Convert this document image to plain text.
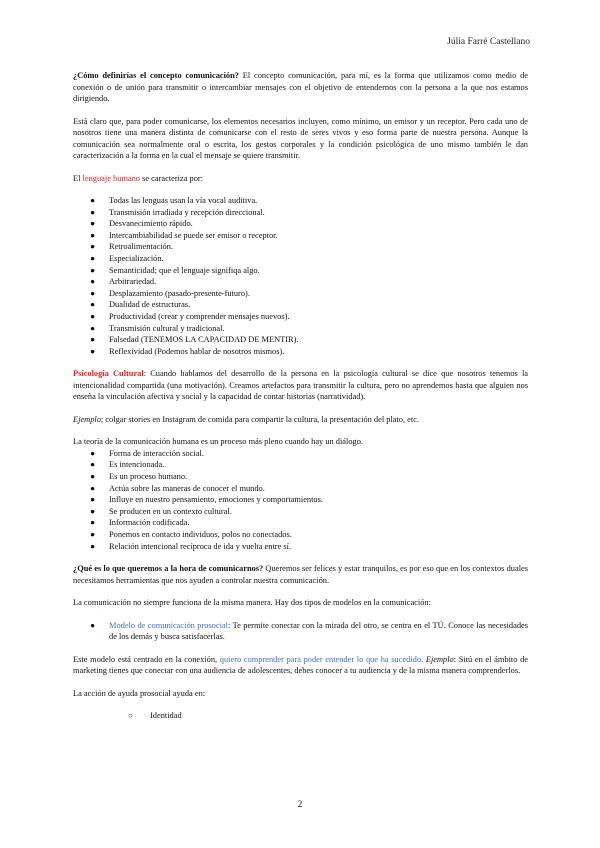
Júlia Farré Castellano

¿Cómo definirías el concepto comunicación? El concepto comunicación, para mí, es la forma que utilizamos como medio de conexión o de unión para transmitir o intercambiar mensajes con el objetivo de entendernos con la persona a la que nos estamos dirigiendo.

Está claro que, para poder comunicarse, los elementos necesarios incluyen, como mínimo, un emisor y un receptor. Pero cada uno de nosotros tiene una manera distinta de comunicarse con el resto de seres vivos y eso forma parte de nuestra persona. Aunque la comunicación sea normalmente oral o escrita, los gestos corporales y la condición psicológica de uno mismo también le dan caracterización a la forma en la cual el mensaje se quiere transmitir.

El lenguaje humano se caracteriza por:

● Todas las lenguas usan la vía vocal auditiva.
● Transmisión irradiada y recepción direccional.
● Desvanecimiento rápido.
● Intercambiabilidad se puede ser emisor o receptor.
● Retroalimentación.
● Especialización.
● Semanticidad; que el lenguaje signifiqa algo.
● Arbitrariedad.
● Desplazamiento (pasado-presente-futuro).
● Dualidad de estructuras.
● Productividad (crear y comprender mensajes nuevos).
● Transmisión cultural y tradicional.
● Falsedad (TENEMOS LA CAPACIDAD DE MENTIR).
● Reflexividad (Podemos hablar de nosotros mismos).

Psicología Cultural: Cuando hablamos del desarrollo de la persona en la psicología cultural se dice que nosotros tenemos la intencionalidad compartida (una motivación). Creamos artefactos para transmitir la cultura, pero no aprendemos hasta que alguien nos enseña la vinculación afectiva y social y la capacidad de contar historias (narratividad).

Ejemplo; colgar stories en Instagram de comida para compartir la cultura, la presentación del plato, etc.

La teoría de la comunicación humana es un proceso más pleno cuando hay un diálogo.

● Forma de interacción social.
● Es intencionada.
● Es un proceso humano.
● Actúa sobre las maneras de conocer el mundo.
● Influye en nuestro pensamiento, emociones y comportamientos.
● Se producen en un contexto cultural.
● Información codificada.
● Ponemos en contacto individuos, polos no conectados.
● Relación intencional recíproca de ida y vuelta entre sí.

¿Qué es lo que queremos a la hora de comunicarnos? Queremos ser felices y estar tranquilos, es por eso que en los contextos duales necesitamos herramientas que nos ayuden a controlar nuestra comunicación.

La comunicación no siempre funciona de la misma manera. Hay dos tipos de modelos en la comunicación:

●	Modelo de comunicación prosocial: Te permite conectar con la mirada del otro, se centra en el TÚ. Conoce las necesidades de los demás y busca satisfacerlas.

Este modelo está centrado en la conexión, quiero comprender para poder entender lo que ha sucedido. Ejemplo: Sitú en el ámbito de marketing tienes que conectar con una audiencia de adolescentes, debes conocer a tu audiencia y de la misma manera comprenderlos.

La acción de ayuda prosocial ayuda en:

○ Identidad
2
